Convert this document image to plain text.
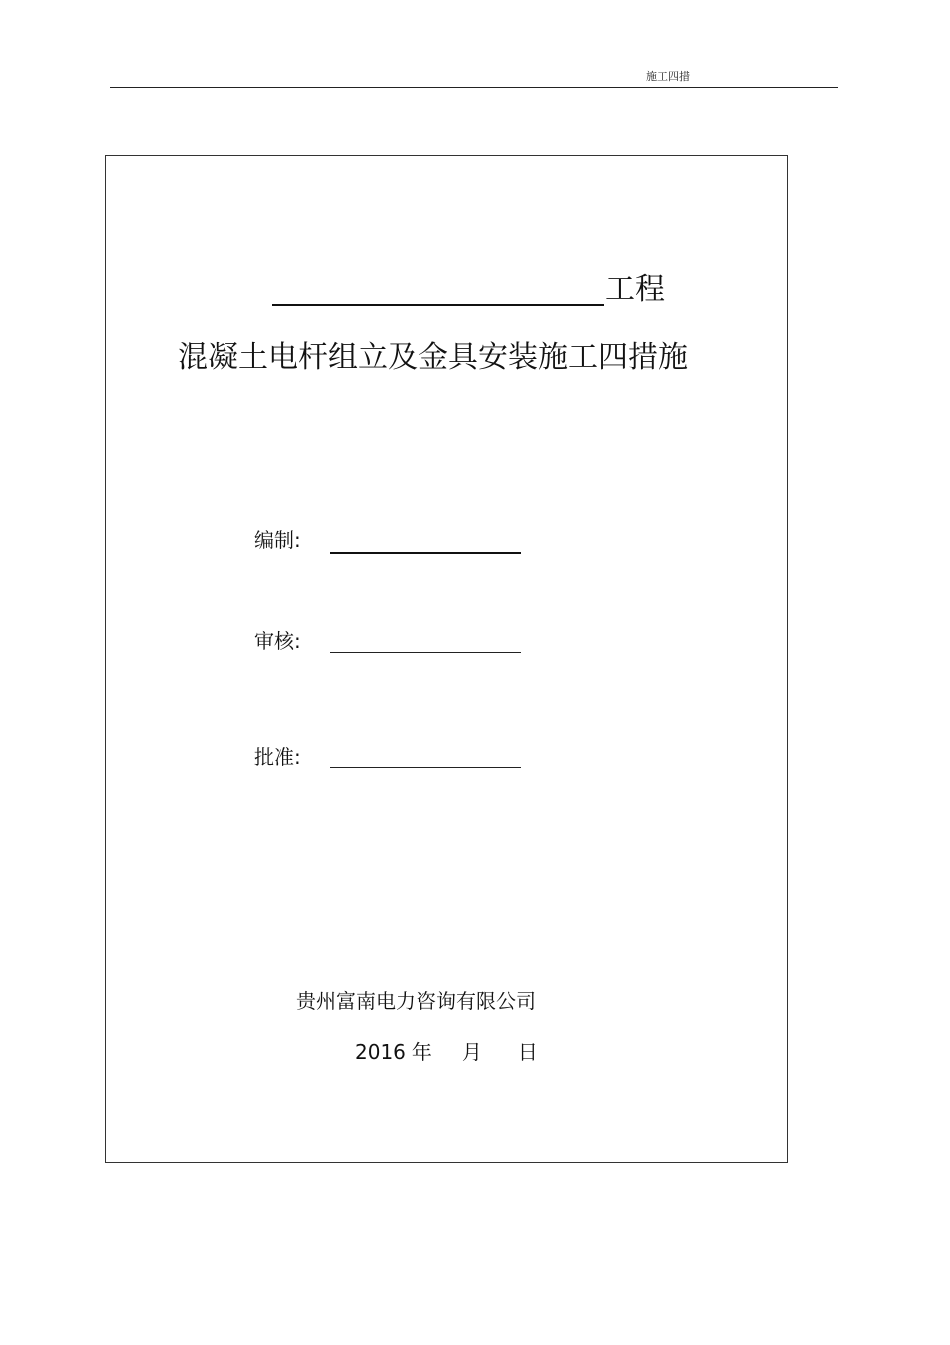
施工四措
工程
混凝土电杆组立及金具安装施工四措施
编制:
审核:
批准:
贵州富南电力咨询有限公司
2016 年 月 日
